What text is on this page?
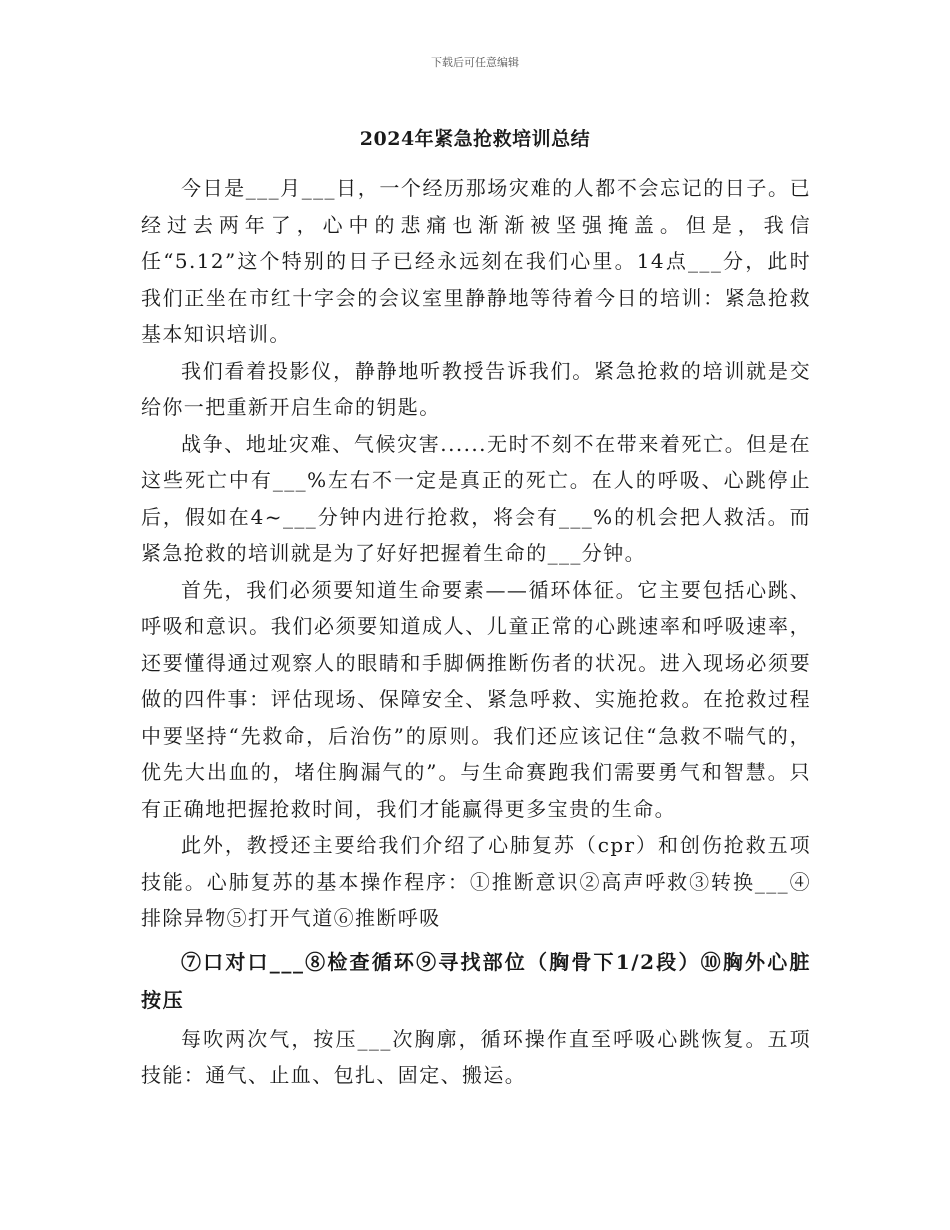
下载后可任意编辑
2024年紧急抢救培训总结

今日是___月___日，一个经历那场灾难的人都不会忘记的日子。已经过去两年了，心中的悲痛也渐渐被坚强掩盖。但是，我信任“5.12”这个特别的日子已经永远刻在我们心里。14点___分，此时我们正坐在市红十字会的会议室里静静地等待着今日的培训：紧急抢救基本知识培训。

我们看着投影仪，静静地听教授告诉我们。紧急抢救的培训就是交给你一把重新开启生命的钥匙。

战争、地址灾难、气候灾害......无时不刻不在带来着死亡。但是在这些死亡中有___%左右不一定是真正的死亡。在人的呼吸、心跳停止后，假如在4~___分钟内进行抢救，将会有___%的机会把人救活。而紧急抢救的培训就是为了好好把握着生命的___分钟。

首先，我们必须要知道生命要素——循环体征。它主要包括心跳、呼吸和意识。我们必须要知道成人、儿童正常的心跳速率和呼吸速率，还要懂得通过观察人的眼睛和手脚俩推断伤者的状况。进入现场必须要做的四件事：评估现场、保障安全、紧急呼救、实施抢救。在抢救过程中要坚持“先救命，后治伤”的原则。我们还应该记住“急救不喘气的，优先大出血的，堵住胸漏气的”。与生命赛跑我们需要勇气和智慧。只有正确地把握抢救时间，我们才能赢得更多宝贵的生命。

此外，教授还主要给我们介绍了心肺复苏（cpr）和创伤抢救五项技能。心肺复苏的基本操作程序：①推断意识②高声呼救③转换___④排除异物⑤打开气道⑥推断呼吸

⑦口对口___⑧检查循环⑨寻找部位（胸骨下1/2段）⑩胸外心脏按压

每吹两次气，按压___次胸廓，循环操作直至呼吸心跳恢复。五项技能：通气、止血、包扎、固定、搬运。
